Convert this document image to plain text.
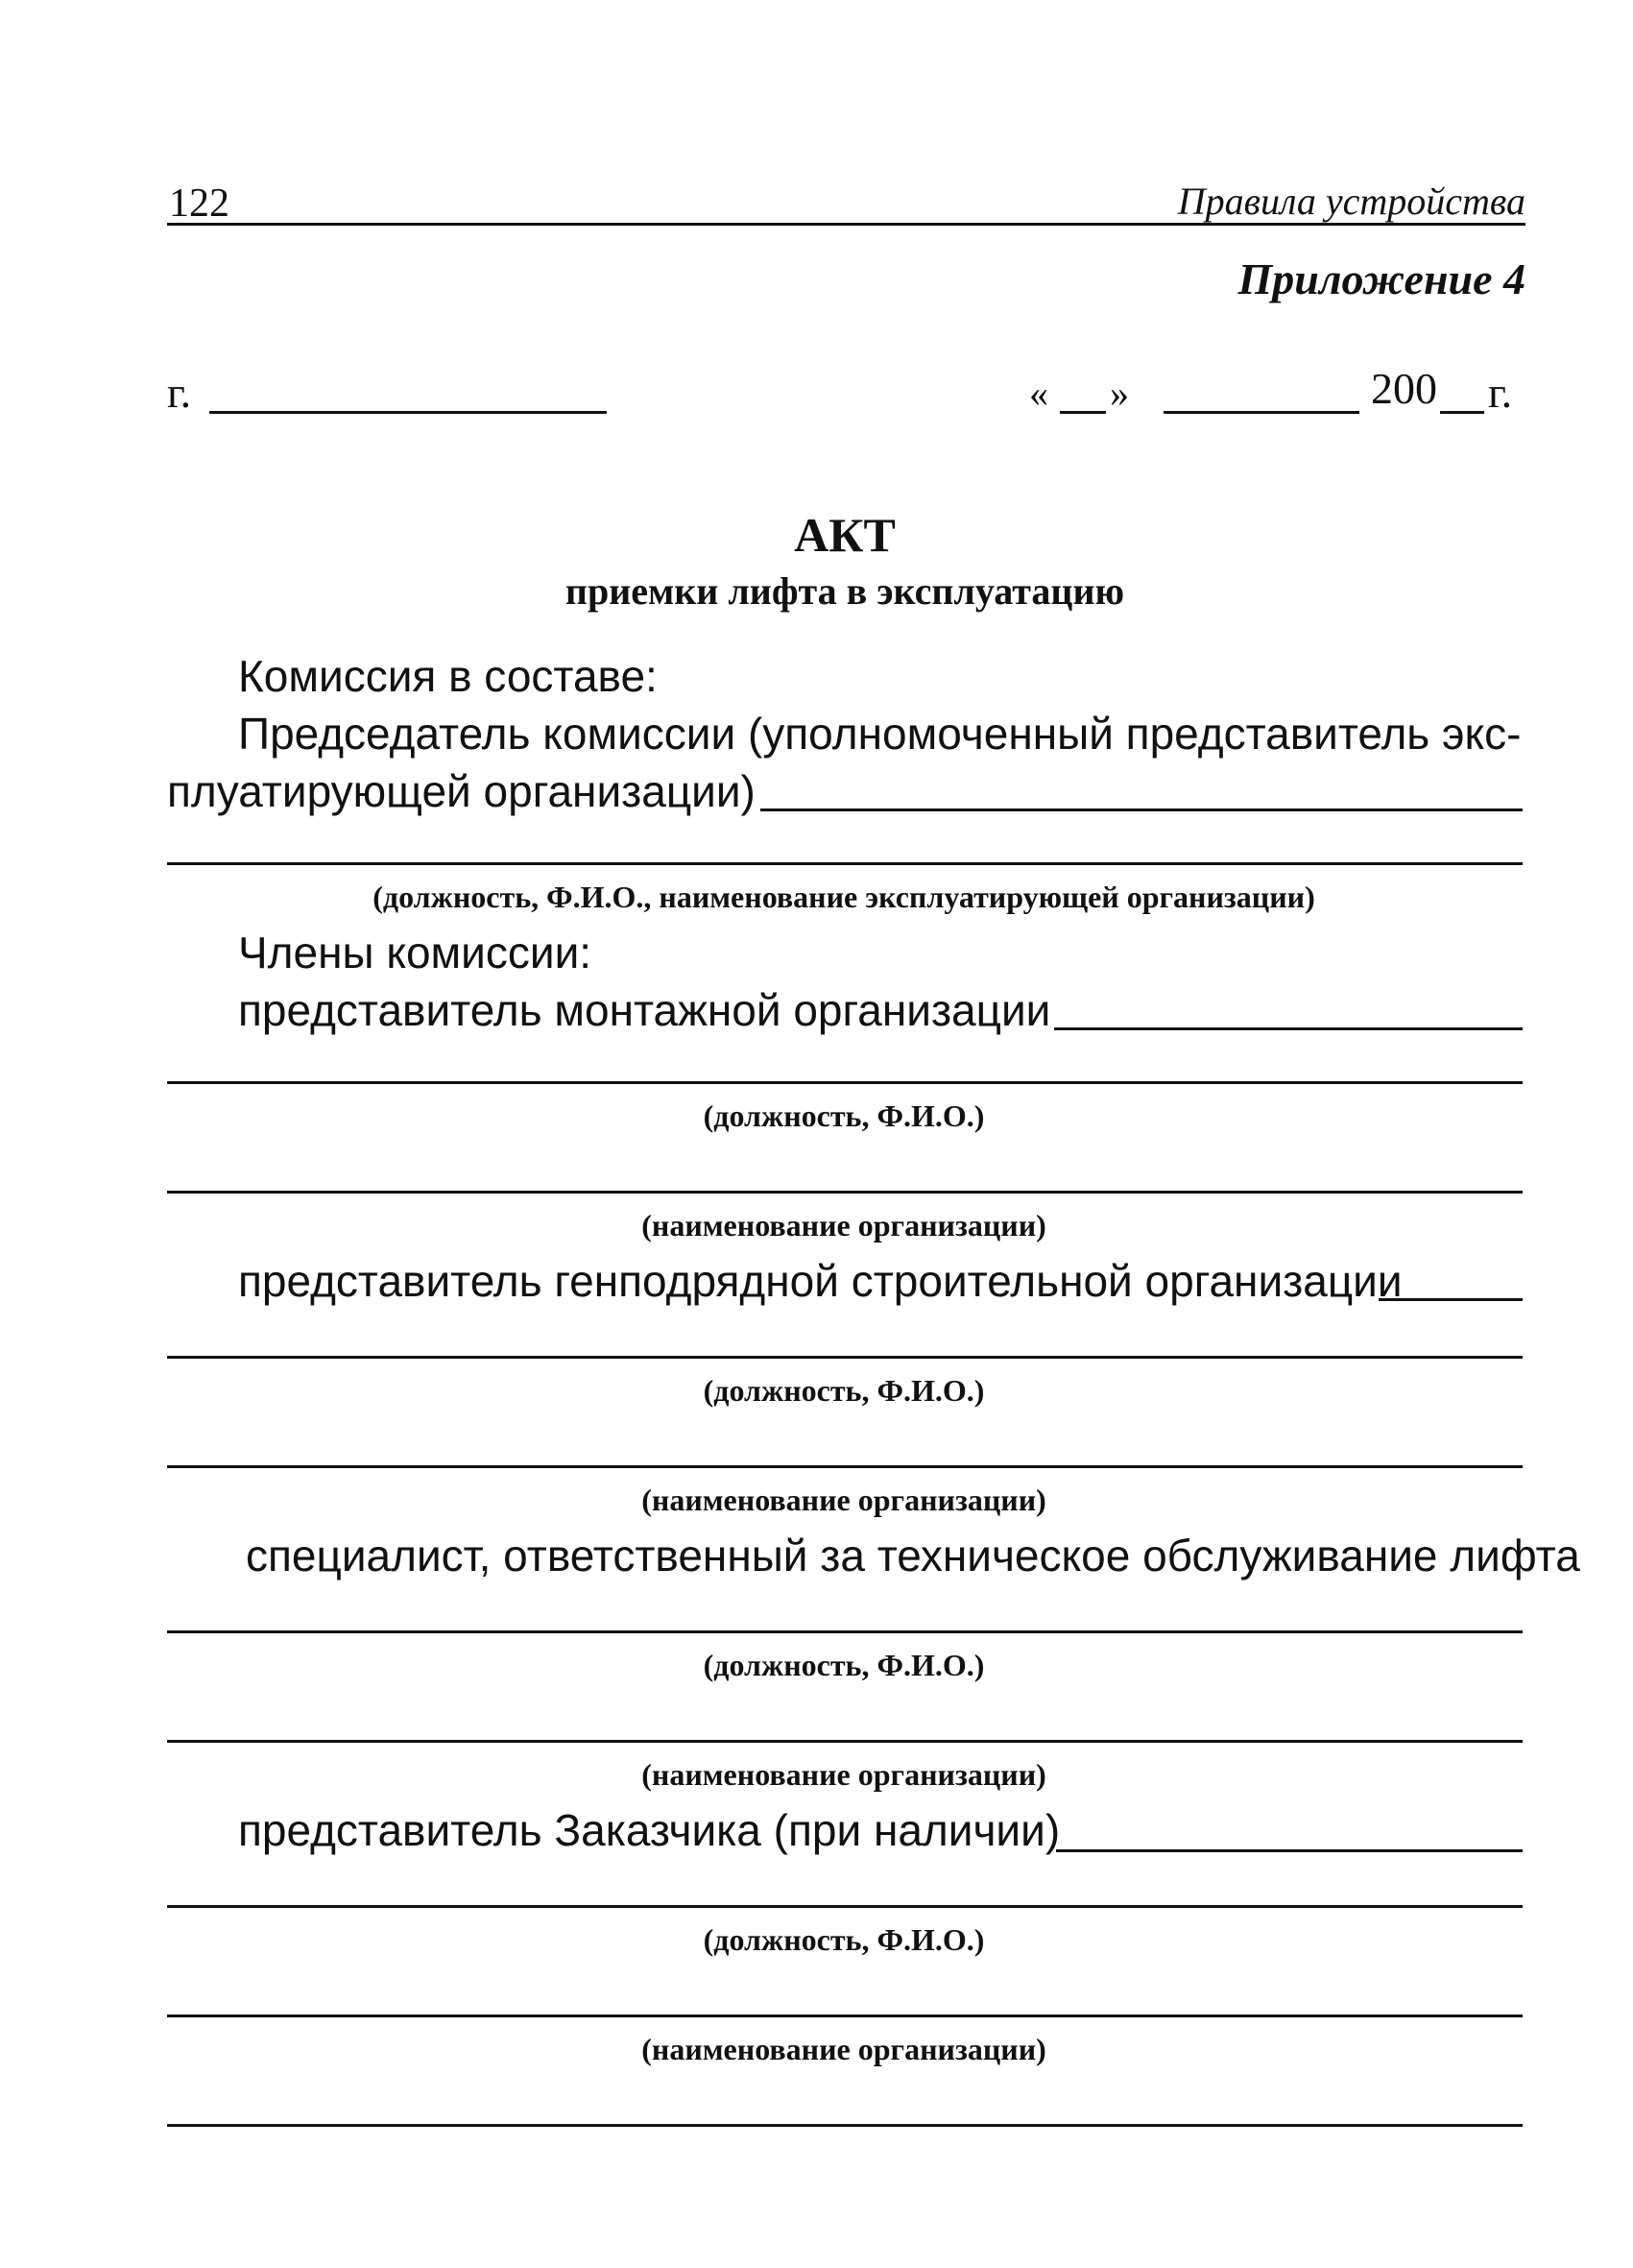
122	Правила устройства
Приложение 4
г.	« »	200 г.
АКТ
приемки лифта в эксплуатацию
Комиссия в составе:
Председатель комиссии (уполномоченный представитель экс-
плуатирующей организации)
(должность, Ф.И.О., наименование эксплуатирующей организации)
Члены комиссии:
представитель монтажной организации
(должность, Ф.И.О.)
(наименование организации)
представитель генподрядной строительной организации
(должность, Ф.И.О.)
(наименование организации)
специалист, ответственный за техническое обслуживание лифта
(должность, Ф.И.О.)
(наименование организации)
представитель Заказчика (при наличии)
(должность, Ф.И.О.)
(наименование организации)
